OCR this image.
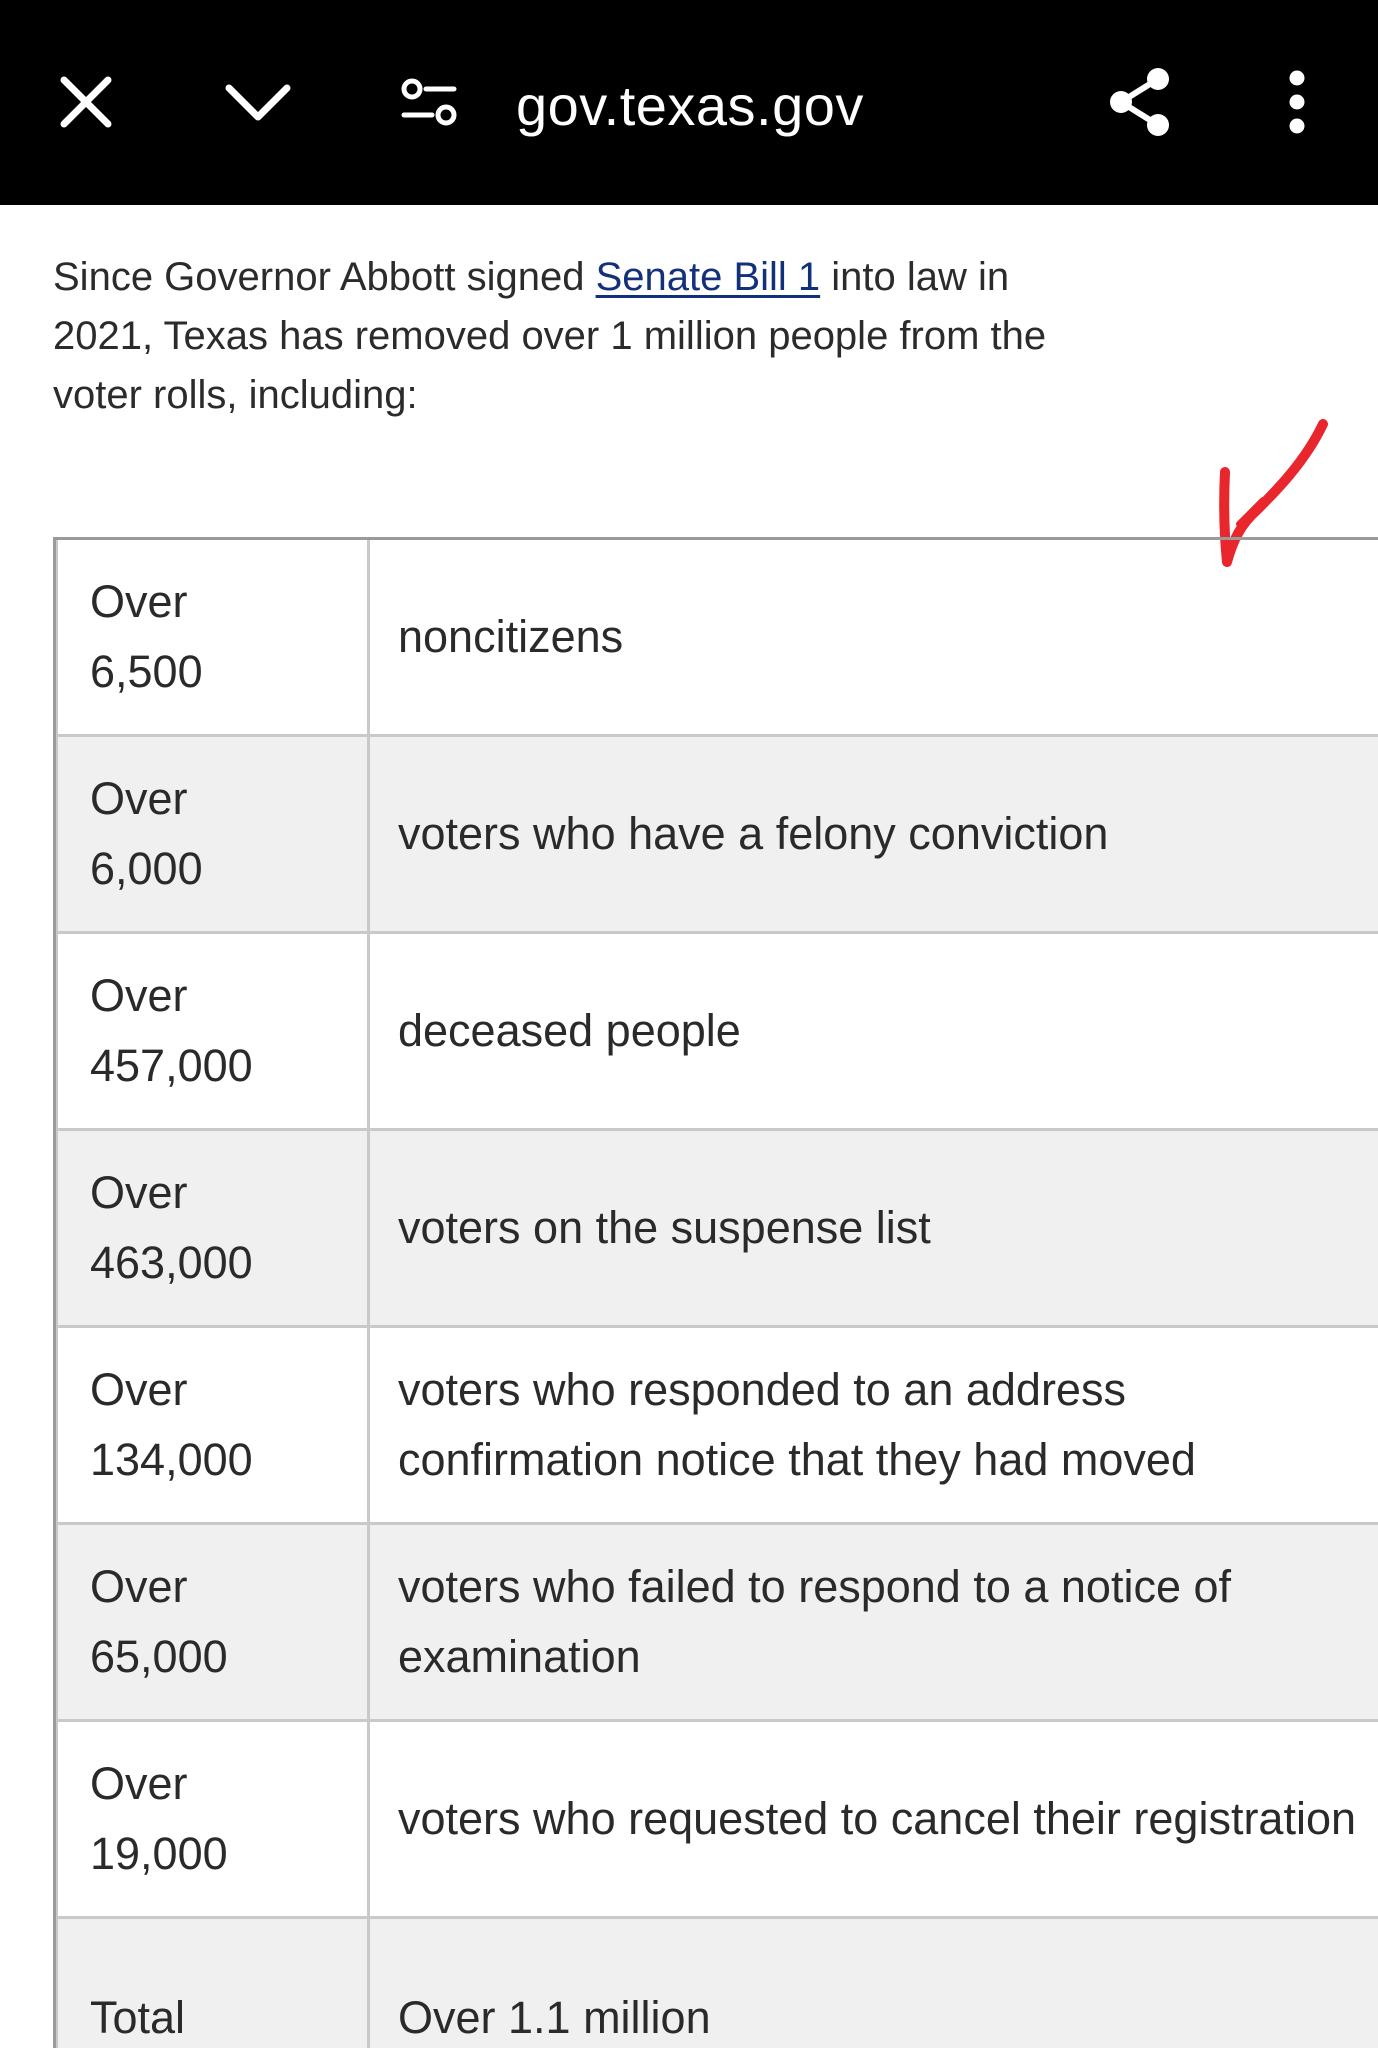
gov.texas.gov
Since Governor Abbott signed Senate Bill 1 into law in 2021, Texas has removed over 1 million people from the voter rolls, including:
Over
6,500
noncitizens
Over
6,000
voters who have a felony conviction
Over
457,000
deceased people
Over
463,000
voters on the suspense list
Over
134,000
voters who responded to an address confirmation notice that they had moved
Over
65,000
voters who failed to respond to a notice of examination
Over
19,000
voters who requested to cancel their registration
Total	Over 1.1 million
